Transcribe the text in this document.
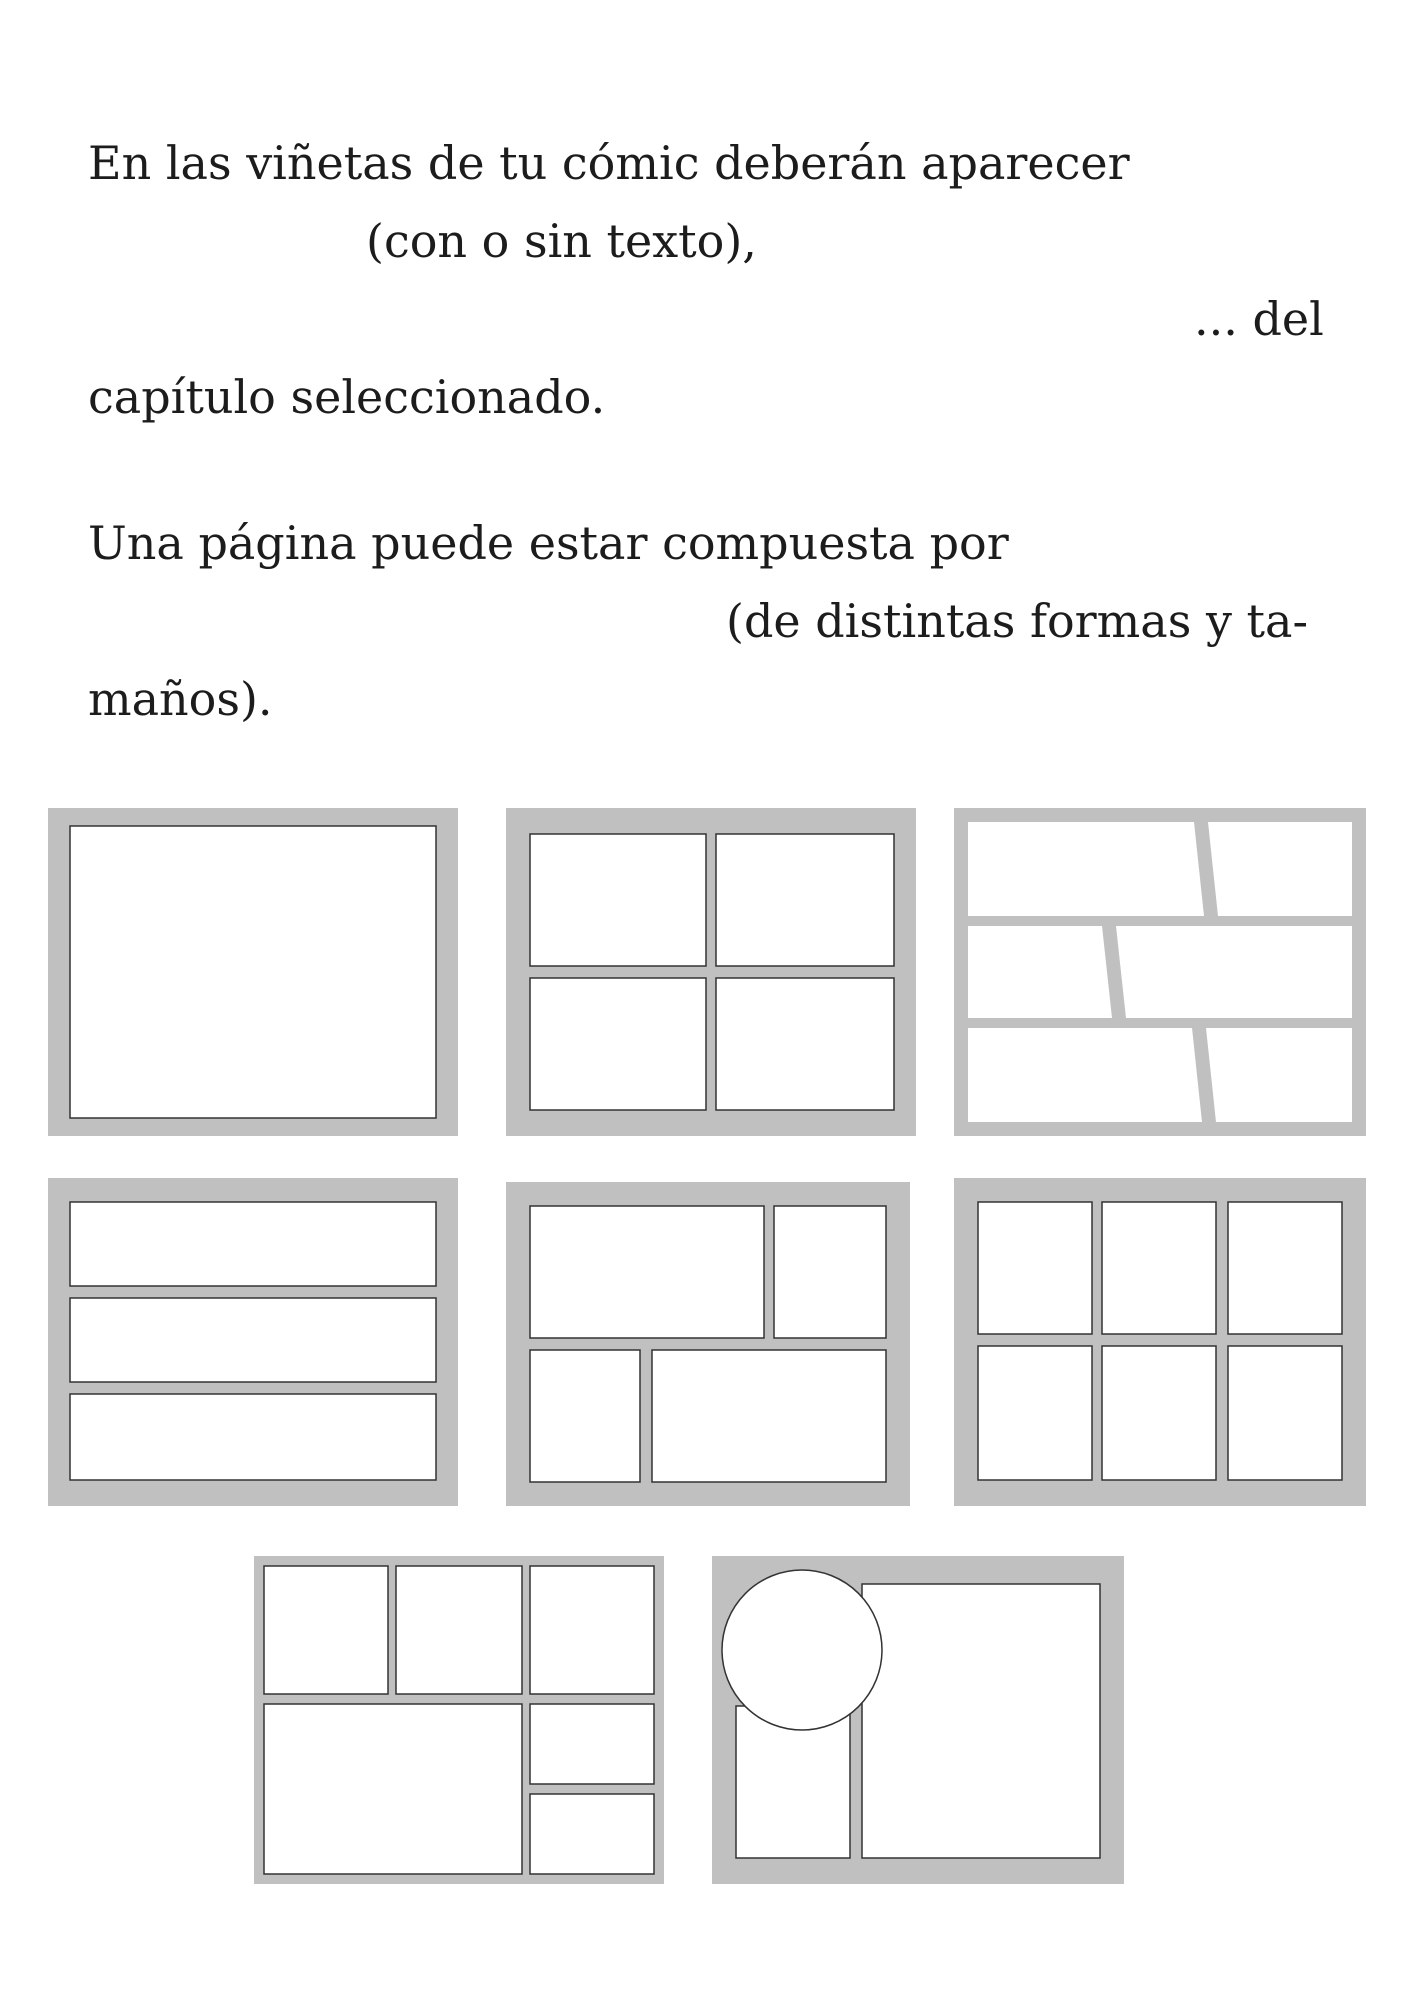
En las viñetas de tu cómic deberán aparecer
(con o sin texto),
... del
capítulo seleccionado.
Una página puede estar compuesta por
(de distintas formas y ta-
maños).
